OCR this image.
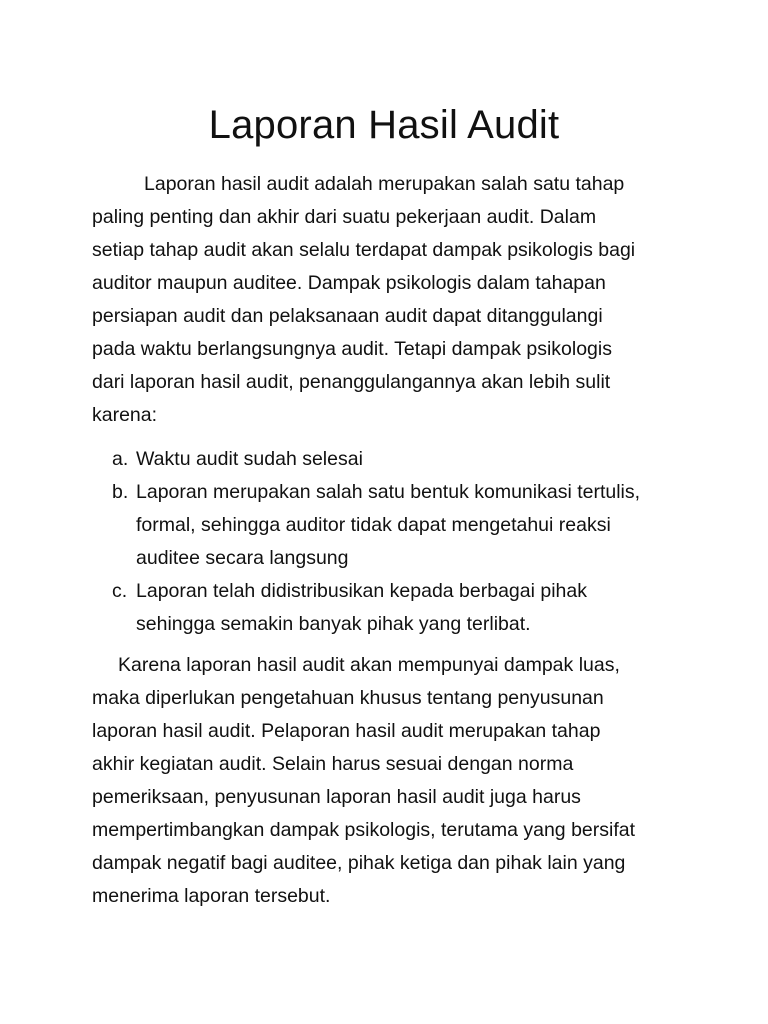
Laporan Hasil Audit

Laporan hasil audit adalah merupakan salah satu tahap
paling penting dan akhir dari suatu pekerjaan audit. Dalam
setiap tahap audit akan selalu terdapat dampak psikologis bagi
auditor maupun auditee. Dampak psikologis dalam tahapan
persiapan audit dan pelaksanaan audit dapat ditanggulangi
pada waktu berlangsungnya audit. Tetapi dampak psikologis
dari laporan hasil audit, penanggulangannya akan lebih sulit
karena:

a. Waktu audit sudah selesai
b. Laporan merupakan salah satu bentuk komunikasi tertulis,
formal, sehingga auditor tidak dapat mengetahui reaksi
auditee secara langsung
c. Laporan telah didistribusikan kepada berbagai pihak
sehingga semakin banyak pihak yang terlibat.

Karena laporan hasil audit akan mempunyai dampak luas,
maka diperlukan pengetahuan khusus tentang penyusunan
laporan hasil audit. Pelaporan hasil audit merupakan tahap
akhir kegiatan audit. Selain harus sesuai dengan norma
pemeriksaan, penyusunan laporan hasil audit juga harus
mempertimbangkan dampak psikologis, terutama yang bersifat
dampak negatif bagi auditee, pihak ketiga dan pihak lain yang
menerima laporan tersebut.
